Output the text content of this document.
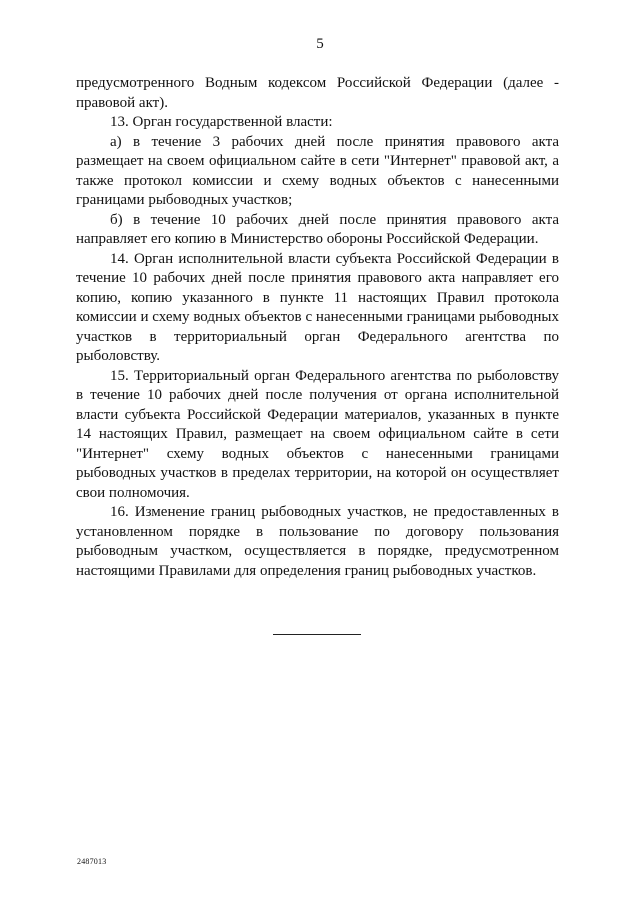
5

предусмотренного Водным кодексом Российской Федерации (далее - правовой акт).

13. Орган государственной власти:

а) в течение 3 рабочих дней после принятия правового акта размещает на своем официальном сайте в сети "Интернет" правовой акт, а также протокол комиссии и схему водных объектов с нанесенными границами рыбоводных участков;

б) в течение 10 рабочих дней после принятия правового акта направляет его копию в Министерство обороны Российской Федерации.

14. Орган исполнительной власти субъекта Российской Федерации в течение 10 рабочих дней после принятия правового акта направляет его копию, копию указанного в пункте 11 настоящих Правил протокола комиссии и схему водных объектов с нанесенными границами рыбоводных участков в территориальный орган Федерального агентства по рыболовству.

15. Территориальный орган Федерального агентства по рыболовству в течение 10 рабочих дней после получения от органа исполнительной власти субъекта Российской Федерации материалов, указанных в пункте 14 настоящих Правил, размещает на своем официальном сайте в сети "Интернет" схему водных объектов с нанесенными границами рыбоводных участков в пределах территории, на которой он осуществляет свои полномочия.

16. Изменение границ рыбоводных участков, не предоставленных в установленном порядке в пользование по договору пользования рыбоводным участком, осуществляется в порядке, предусмотренном настоящими Правилами для определения границ рыбоводных участков.

2487013
